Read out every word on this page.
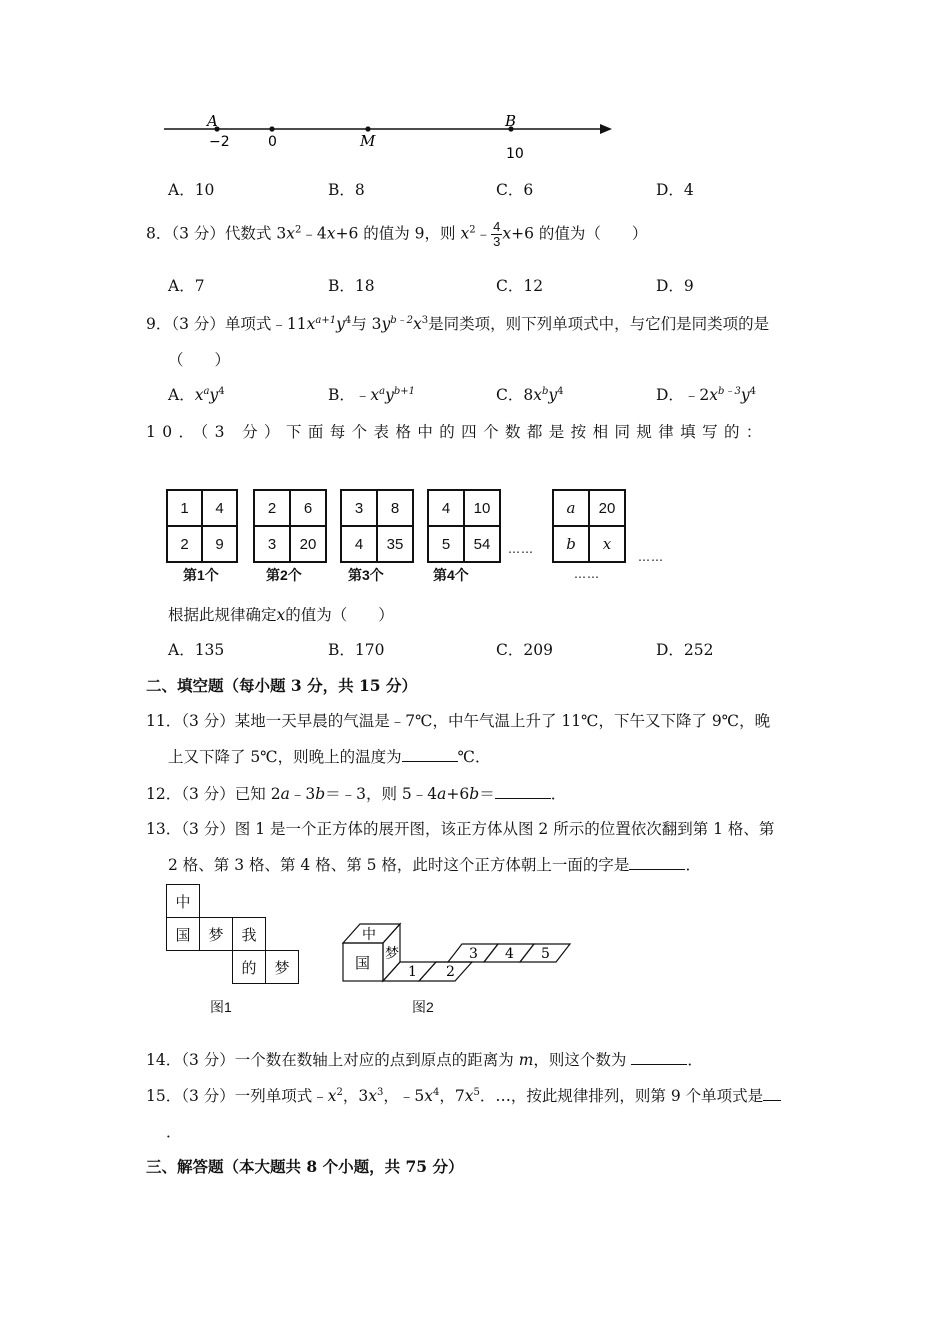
A
−2	0	M
B
10
A．10	B．8	C．6	D．4
8．（3 分）代数式 $3x^2﹣4x+6$ 的值为 9，则 $x^2﹣ \frac{4}{3} x+6$ 的值为（　　）
A．7	B．18	C．12	D．9
9．（3 分）单项式$﹣11x^{a+1}y^4$与 $3y^{b﹣2}x^3$是同类项，则下列单项式中，与它们是同类项的是
（　　）
A．$x^ay^4$	B．$﹣x^ay^{b+1}$	C．$8x^by^4$	D．$﹣2x^{b﹣3}y^4$
10．（3 分）下面每个表格中的四个数都是按相同规律填写的：
1	4
2	9
第1个
2	6
3	20
第2个
3	8
4	35
第3个
4	10
5	54
第4个
……
a	20
b	x
……
……
根据此规律确定x的值为（　　）
A．135	B．170	C．209	D．252
二、填空题（每小题 3 分，共 15 分）
11．（3 分）某地一天早晨的气温是﹣7℃，中午气温上升了 11℃，下午又下降了 9℃，晚
上又下降了 5℃，则晚上的温度为	℃．
12．（3 分）已知 2a﹣3b＝﹣3，则 5﹣4a+6b＝	．
13．（3 分）图 1 是一个正方体的展开图，该正方体从图 2 所示的位置依次翻到第 1 格、第
2 格、第 3 格、第 4 格、第 5 格，此时这个正方体朝上一面的字是	．
中
国	梦	我
的	梦
图1
中
国 梦
1 2
3 4 5
图2
14．（3 分）一个数在数轴上对应的点到原点的距离为 m，则这个数为	．
15．（3 分）一列单项式$﹣x^2$，$3x^3$，$﹣5x^4$，$7x^5$．…，按此规律排列，则第 9 个单项式是
．
三、解答题（本大题共 8 个小题，共 75 分）
